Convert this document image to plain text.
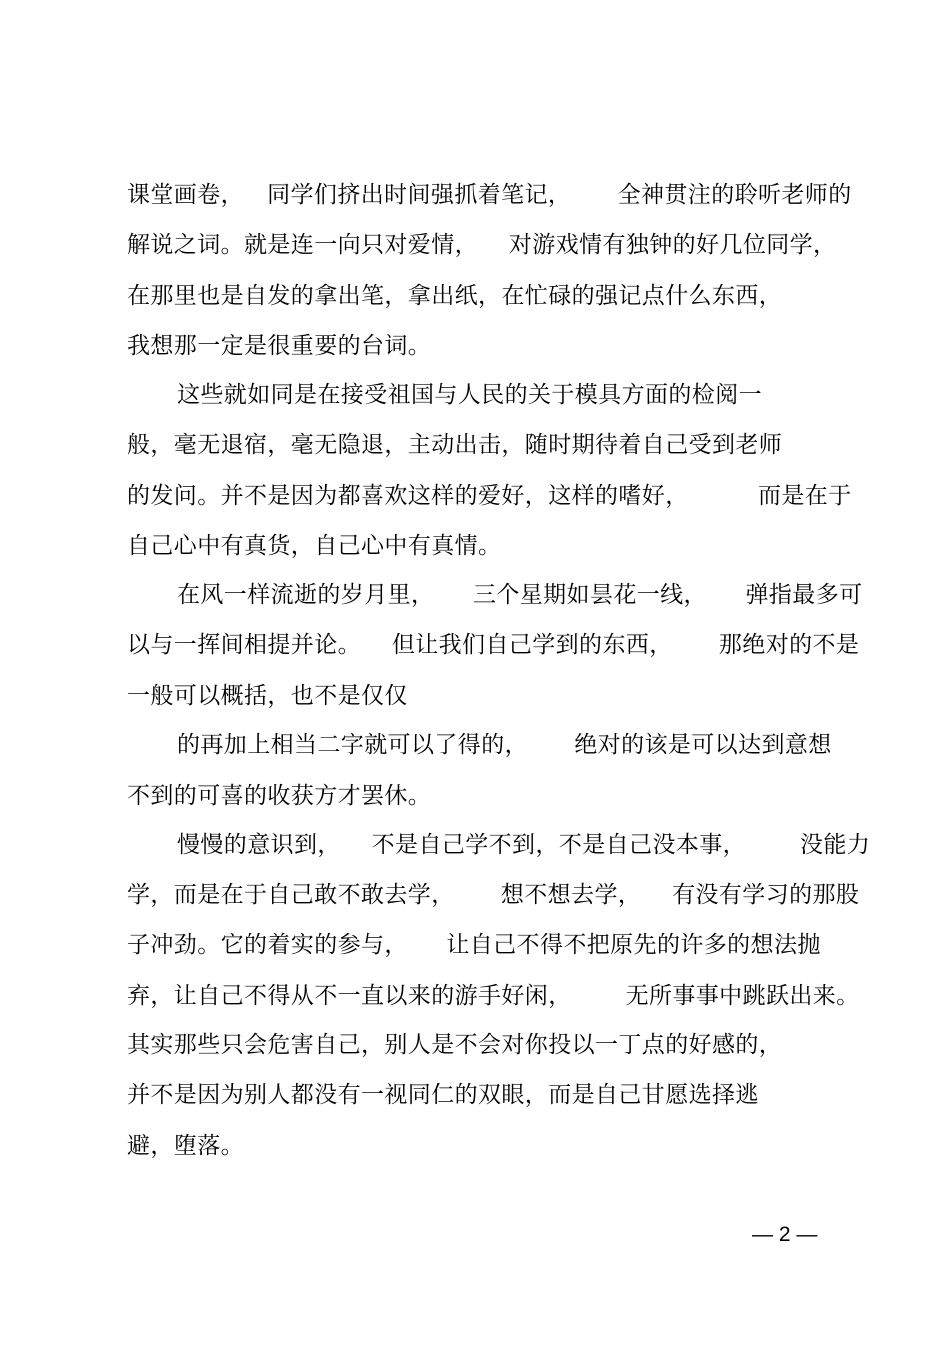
课堂画卷，   同学们挤出时间强抓着笔记，      全神贯注的聆听老师的
解说之词。就是连一向只对爱情，    对游戏情有独钟的好几位同学，
在那里也是自发的拿出笔，拿出纸，在忙碌的强记点什么东西，
我想那一定是很重要的台词。
这些就如同是在接受祖国与人民的关于模具方面的检阅一
般，毫无退宿，毫无隐退，主动出击，随时期待着自己受到老师
的发问。并不是因为都喜欢这样的爱好，这样的嗜好，         而是在于
自己心中有真货，自己心中有真情。
在风一样流逝的岁月里，     三个星期如昙花一线，     弹指最多可
以与一挥间相提并论。    但让我们自己学到的东西，      那绝对的不是
一般可以概括，也不是仅仅
的再加上相当二字就可以了得的，      绝对的该是可以达到意想
不到的可喜的收获方才罢休。
慢慢的意识到，    不是自己学不到，不是自己没本事，       没能力
学，而是在于自己敢不敢去学，      想不想去学，    有没有学习的那股
子冲劲。它的着实的参与，     让自己不得不把原先的许多的想法抛
弃，让自己不得从不一直以来的游手好闲，       无所事事中跳跃出来。
其实那些只会危害自己，别人是不会对你投以一丁点的好感的，
并不是因为别人都没有一视同仁的双眼，而是自己甘愿选择逃
避，堕落。
— 2 —
